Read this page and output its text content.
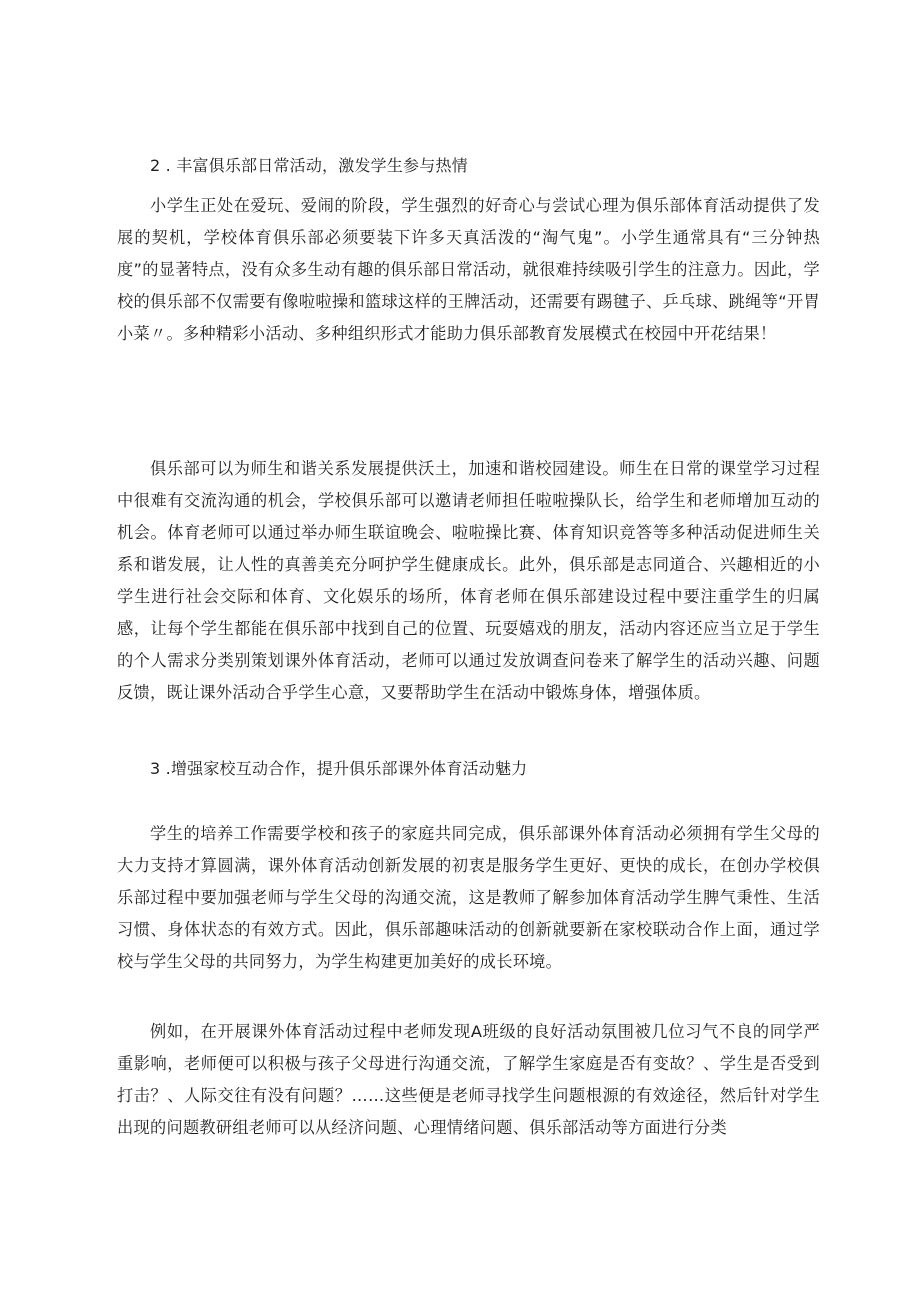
2 . 丰富俱乐部日常活动，激发学生参与热情

小学生正处在爱玩、爱闹的阶段，学生强烈的好奇心与尝试心理为俱乐部体育活动提供了发展的契机，学校体育俱乐部必须要装下许多天真活泼的“淘气鬼”。小学生通常具有“三分钟热度”的显著特点，没有众多生动有趣的俱乐部日常活动，就很难持续吸引学生的注意力。因此，学校的俱乐部不仅需要有像啦啦操和篮球这样的王牌活动，还需要有踢毽子、乒乓球、跳绳等“开胃小菜〃。多种精彩小活动、多种组织形式才能助力俱乐部教育发展模式在校园中开花结果！

俱乐部可以为师生和谐关系发展提供沃土，加速和谐校园建设。师生在日常的课堂学习过程中很难有交流沟通的机会，学校俱乐部可以邀请老师担任啦啦操队长，给学生和老师增加互动的机会。体育老师可以通过举办师生联谊晚会、啦啦操比赛、体育知识竞答等多种活动促进师生关系和谐发展，让人性的真善美充分呵护学生健康成长。此外，俱乐部是志同道合、兴趣相近的小学生进行社会交际和体育、文化娱乐的场所，体育老师在俱乐部建设过程中要注重学生的归属感，让每个学生都能在俱乐部中找到自己的位置、玩耍嬉戏的朋友，活动内容还应当立足于学生的个人需求分类别策划课外体育活动，老师可以通过发放调查问卷来了解学生的活动兴趣、问题反馈，既让课外活动合乎学生心意，又要帮助学生在活动中锻炼身体，增强体质。

3 .增强家校互动合作，提升俱乐部课外体育活动魅力

学生的培养工作需要学校和孩子的家庭共同完成，俱乐部课外体育活动必须拥有学生父母的大力支持才算圆满，课外体育活动创新发展的初衷是服务学生更好、更快的成长，在创办学校俱乐部过程中要加强老师与学生父母的沟通交流，这是教师了解参加体育活动学生脾气秉性、生活习惯、身体状态的有效方式。因此，俱乐部趣味活动的创新就要新在家校联动合作上面，通过学校与学生父母的共同努力，为学生构建更加美好的成长环境。

例如，在开展课外体育活动过程中老师发现A班级的良好活动氛围被几位习气不良的同学严重影响，老师便可以积极与孩子父母进行沟通交流，了解学生家庭是否有变故？、学生是否受到打击？、人际交往有没有问题？……这些便是老师寻找学生问题根源的有效途径，然后针对学生出现的问题教研组老师可以从经济问题、心理情绪问题、俱乐部活动等方面进行分类
